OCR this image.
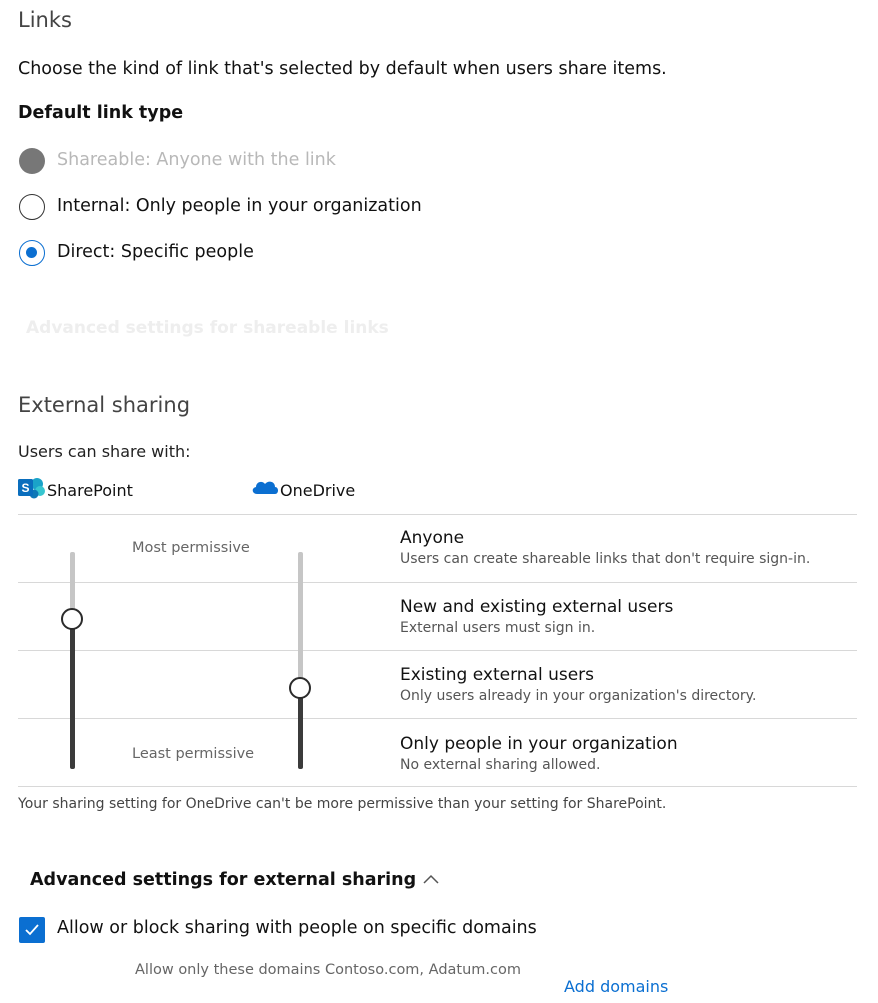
Links
Choose the kind of link that's selected by default when users share items.
Default link type
Shareable: Anyone with the link
Internal: Only people in your organization
Direct: Specific people
Advanced settings for shareable links
External sharing
Users can share with:
S SharePoint	OneDrive
Most permissive
Least permissive
Anyone
Users can create shareable links that don't require sign-in.
New and existing external users
External users must sign in.
Existing external users
Only users already in your organization's directory.
Only people in your organization
No external sharing allowed.
Your sharing setting for OneDrive can't be more permissive than your setting for SharePoint.
Advanced settings for external sharing
Allow or block sharing with people on specific domains
Allow only these domains Contoso.com, Adatum.com
Add domains
